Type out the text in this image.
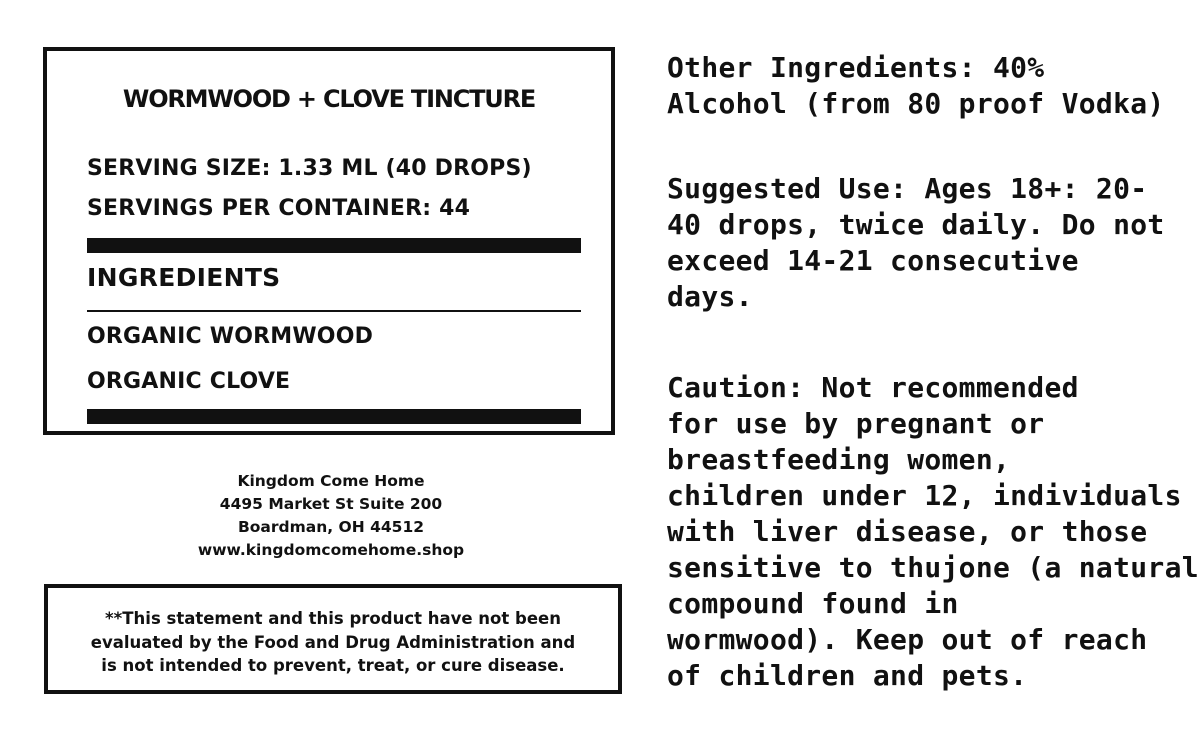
WORMWOOD + CLOVE TINCTURE
SERVING SIZE: 1.33 ML (40 DROPS)
SERVINGS PER CONTAINER: 44
INGREDIENTS
ORGANIC WORMWOOD
ORGANIC CLOVE
Kingdom Come Home
4495 Market St Suite 200
Boardman, OH 44512
www.kingdomcomehome.shop
**This statement and this product have not been
evaluated by the Food and Drug Administration and
is not intended to prevent, treat, or cure disease.
Other Ingredients: 40%
Alcohol (from 80 proof Vodka)
Suggested Use: Ages 18+: 20-
40 drops, twice daily. Do not
exceed 14-21 consecutive
days.
Caution: Not recommended
for use by pregnant or
breastfeeding women,
children under 12, individuals
with liver disease, or those
sensitive to thujone (a natural
compound found in
wormwood). Keep out of reach
of children and pets.
